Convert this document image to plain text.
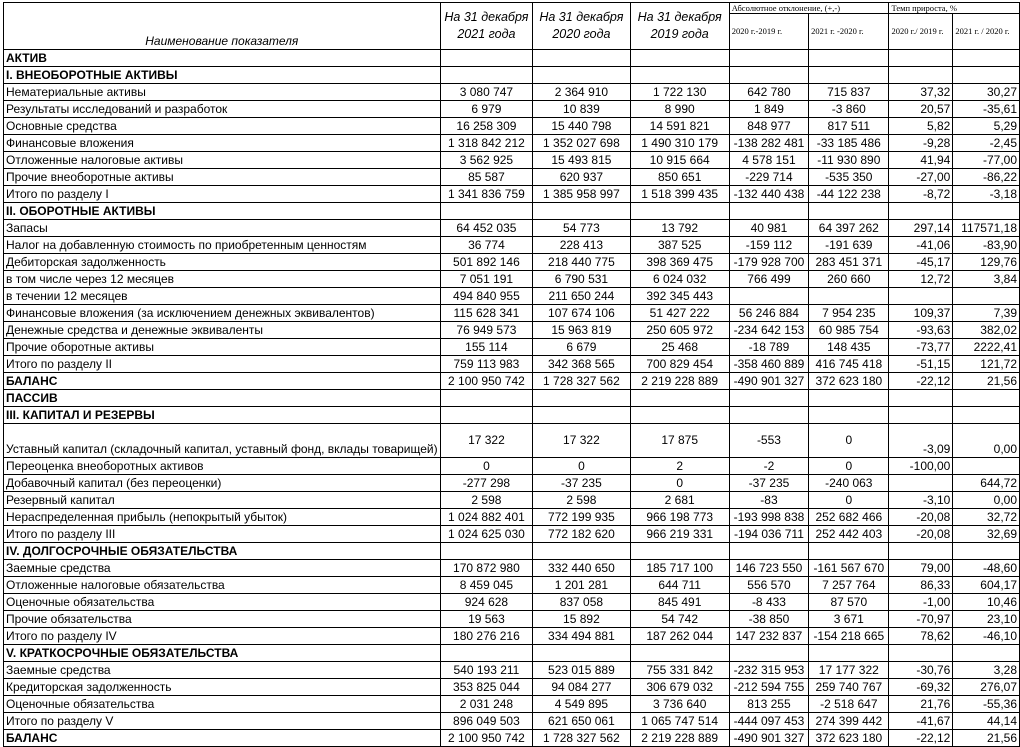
Наименование показателя	На 31 декабря 2021 года	На 31 декабря 2020 года	На 31 декабря 2019 года	Абсолютное отклонение, (+,-)		Темп прироста, %	
				2020 г.-2019 г.	2021 г. -2020 г.	2020 г./ 2019 г.	2021 г. / 2020 г.
АКТИВ							
I. ВНЕОБОРОТНЫЕ АКТИВЫ							
Нематериальные активы	3 080 747	2 364 910	1 722 130	642 780	715 837	37,32	30,27
Результаты исследований и разработок	6 979	10 839	8 990	1 849	-3 860	20,57	-35,61
Основные средства	16 258 309	15 440 798	14 591 821	848 977	817 511	5,82	5,29
Финансовые вложения	1 318 842 212	1 352 027 698	1 490 310 179	-138 282 481	-33 185 486	-9,28	-2,45
Отложенные налоговые активы	3 562 925	15 493 815	10 915 664	4 578 151	-11 930 890	41,94	-77,00
Прочие внеоборотные активы	85 587	620 937	850 651	-229 714	-535 350	-27,00	-86,22
Итого по разделу I	1 341 836 759	1 385 958 997	1 518 399 435	-132 440 438	-44 122 238	-8,72	-3,18
II. ОБОРОТНЫЕ АКТИВЫ							
Запасы	64 452 035	54 773	13 792	40 981	64 397 262	297,14	117571,18
Налог на добавленную стоимость по приобретенным ценностям	36 774	228 413	387 525	-159 112	-191 639	-41,06	-83,90
Дебиторская задолженность	501 892 146	218 440 775	398 369 475	-179 928 700	283 451 371	-45,17	129,76
в том числе через 12 месяцев	7 051 191	6 790 531	6 024 032	766 499	260 660	12,72	3,84
в течении 12 месяцев	494 840 955	211 650 244	392 345 443				
Финансовые вложения (за исключением денежных эквивалентов)	115 628 341	107 674 106	51 427 222	56 246 884	7 954 235	109,37	7,39
Денежные средства и денежные эквиваленты	76 949 573	15 963 819	250 605 972	-234 642 153	60 985 754	-93,63	382,02
Прочие оборотные активы	155 114	6 679	25 468	-18 789	148 435	-73,77	2222,41
Итого по разделу II	759 113 983	342 368 565	700 829 454	-358 460 889	416 745 418	-51,15	121,72
БАЛАНС	2 100 950 742	1 728 327 562	2 219 228 889	-490 901 327	372 623 180	-22,12	21,56
ПАССИВ							
III. КАПИТАЛ И РЕЗЕРВЫ							
Уставный капитал (складочный капитал, уставный фонд, вклады товарищей)	17 322	17 322	17 875	-553	0	-3,09	0,00
Переоценка внеоборотных активов	0	0	2	-2	0	-100,00	
Добавочный капитал (без переоценки)	-277 298	-37 235	0	-37 235	-240 063		644,72
Резервный капитал	2 598	2 598	2 681	-83	0	-3,10	0,00
Нераспределенная прибыль (непокрытый убыток)	1 024 882 401	772 199 935	966 198 773	-193 998 838	252 682 466	-20,08	32,72
Итого по разделу III	1 024 625 030	772 182 620	966 219 331	-194 036 711	252 442 403	-20,08	32,69
IV. ДОЛГОСРОЧНЫЕ ОБЯЗАТЕЛЬСТВА							
Заемные средства	170 872 980	332 440 650	185 717 100	146 723 550	-161 567 670	79,00	-48,60
Отложенные налоговые обязательства	8 459 045	1 201 281	644 711	556 570	7 257 764	86,33	604,17
Оценочные обязательства	924 628	837 058	845 491	-8 433	87 570	-1,00	10,46
Прочие обязательства	19 563	15 892	54 742	-38 850	3 671	-70,97	23,10
Итого по разделу IV	180 276 216	334 494 881	187 262 044	147 232 837	-154 218 665	78,62	-46,10
V. КРАТКОСРОЧНЫЕ ОБЯЗАТЕЛЬСТВА							
Заемные средства	540 193 211	523 015 889	755 331 842	-232 315 953	17 177 322	-30,76	3,28
Кредиторская задолженность	353 825 044	94 084 277	306 679 032	-212 594 755	259 740 767	-69,32	276,07
Оценочные обязательства	2 031 248	4 549 895	3 736 640	813 255	-2 518 647	21,76	-55,36
Итого по разделу V	896 049 503	621 650 061	1 065 747 514	-444 097 453	274 399 442	-41,67	44,14
БАЛАНС	2 100 950 742	1 728 327 562	2 219 228 889	-490 901 327	372 623 180	-22,12	21,56
